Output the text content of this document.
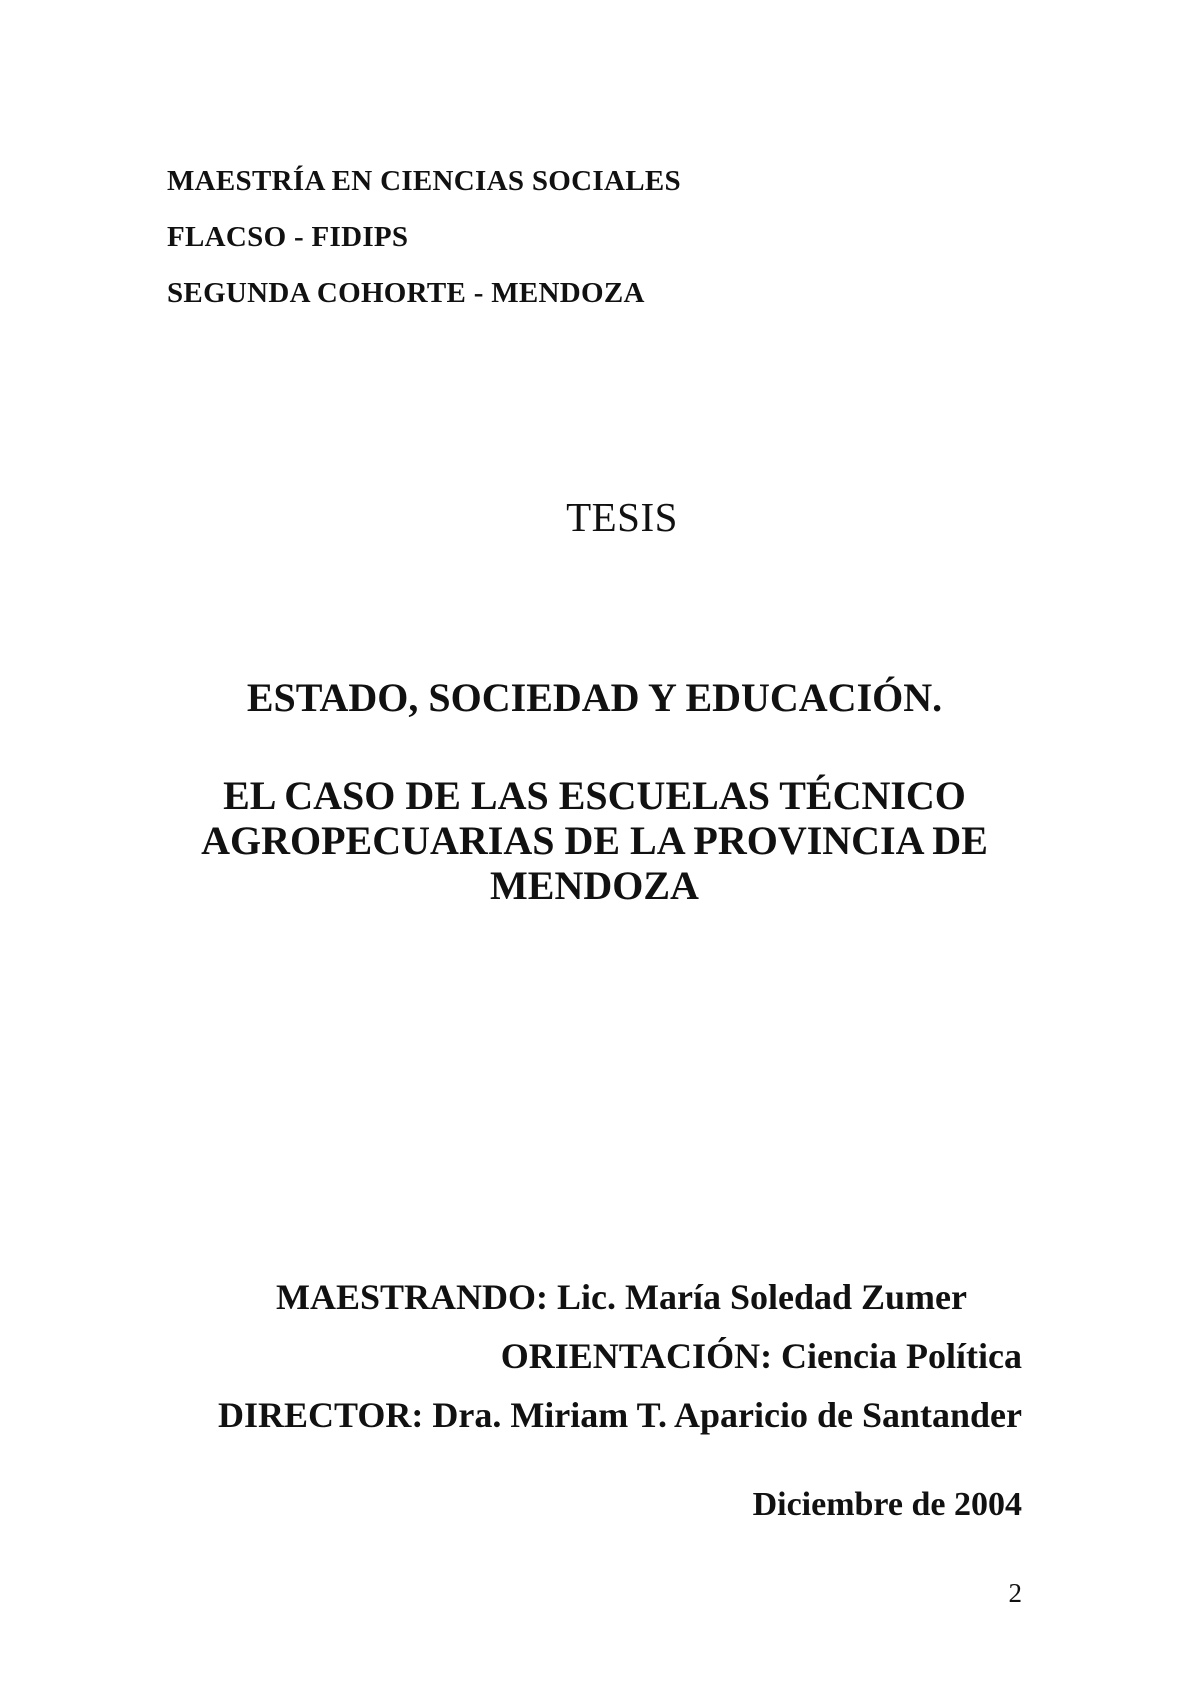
MAESTRÍA EN CIENCIAS SOCIALES
FLACSO - FIDIPS
SEGUNDA COHORTE - MENDOZA
TESIS
ESTADO, SOCIEDAD Y EDUCACIÓN.
EL CASO DE LAS ESCUELAS TÉCNICO
AGROPECUARIAS DE LA PROVINCIA DE
MENDOZA
MAESTRANDO: Lic. María Soledad Zumer
ORIENTACIÓN: Ciencia Política
DIRECTOR: Dra. Miriam T. Aparicio de Santander
Diciembre de 2004
2
